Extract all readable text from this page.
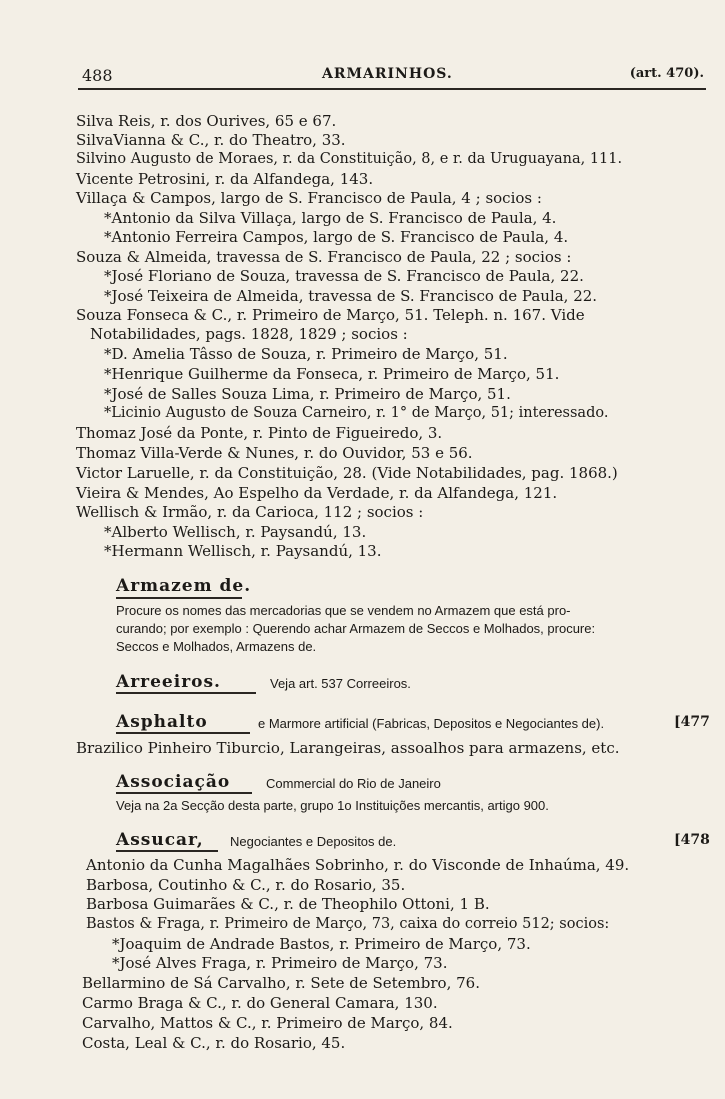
488	ARMARINHOS.	(art. 470).
Silva Reis, r. dos Ourives, 65 e 67.
SilvaVianna & C., r. do Theatro, 33.
Silvino Augusto de Moraes, r. da Constituição, 8, e r. da Uruguayana, 111.
Vicente Petrosini, r. da Alfandega, 143.
Villaça & Campos, largo de S. Francisco de Paula, 4 ; socios :
*Antonio da Silva Villaça, largo de S. Francisco de Paula, 4.
*Antonio Ferreira Campos, largo de S. Francisco de Paula, 4.
Souza & Almeida, travessa de S. Francisco de Paula, 22 ; socios :
*José Floriano de Souza, travessa de S. Francisco de Paula, 22.
*José Teixeira de Almeida, travessa de S. Francisco de Paula, 22.
Souza Fonseca & C., r. Primeiro de Março, 51. Teleph. n. 167. Vide
Notabilidades, pags. 1828, 1829 ; socios :
*D. Amelia Tâsso de Souza, r. Primeiro de Março, 51.
*Henrique Guilherme da Fonseca, r. Primeiro de Março, 51.
*José de Salles Souza Lima, r. Primeiro de Março, 51.
*Licinio Augusto de Souza Carneiro, r. 1° de Março, 51; interessado.
Thomaz José da Ponte, r. Pinto de Figueiredo, 3.
Thomaz Villa-Verde & Nunes, r. do Ouvidor, 53 e 56.
Victor Laruelle, r. da Constituição, 28. (Vide Notabilidades, pag. 1868.)
Vieira & Mendes, Ao Espelho da Verdade, r. da Alfandega, 121.
Wellisch & Irmão, r. da Carioca, 112 ; socios :
*Alberto Wellisch, r. Paysandú, 13.
*Hermann Wellisch, r. Paysandú, 13.
Armazem de.
Procure os nomes das mercadorias que se vendem no Armazem que está pro-
curando; por exemplo : Querendo achar Armazem de Seccos e Molhados, procure:
Seccos e Molhados, Armazens de.
Arreeiros.	Veja art. 537 Correeiros.
Asphalto	e Marmore artificial (Fabricas, Depositos e Negociantes de).	[477
Brazilico Pinheiro Tiburcio, Larangeiras, assoalhos para armazens, etc.
Associação	Commercial do Rio de Janeiro
Veja na 2a Secção desta parte, grupo 1o Instituições mercantis, artigo 900.
Assucar, Negociantes e Depositos de.	[478
Antonio da Cunha Magalhães Sobrinho, r. do Visconde de Inhaúma, 49.
Barbosa, Coutinho & C., r. do Rosario, 35.
Barbosa Guimarães & C., r. de Theophilo Ottoni, 1 B.
Bastos & Fraga, r. Primeiro de Março, 73, caixa do correio 512; socios:
*Joaquim de Andrade Bastos, r. Primeiro de Março, 73.
*José Alves Fraga, r. Primeiro de Março, 73.
Bellarmino de Sá Carvalho, r. Sete de Setembro, 76.
Carmo Braga & C., r. do General Camara, 130.
Carvalho, Mattos & C., r. Primeiro de Março, 84.
Costa, Leal & C., r. do Rosario, 45.
